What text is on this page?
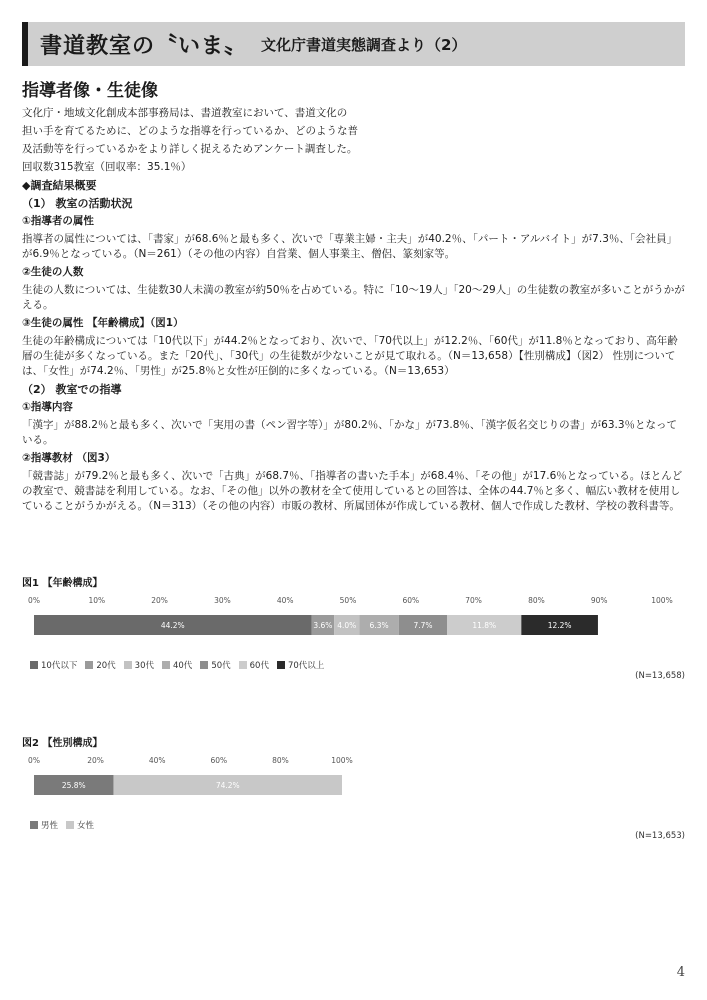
書道教室の〝いま〟 文化庁書道実態調査より（2）
指導者像・生徒像

文化庁・地域文化創成本部事務局は、書道教室において、書道文化の

担い手を育てるために、どのような指導を行っているか、どのような普

及活動等を行っているかをより詳しく捉えるためアンケート調査した。

回収数315教室（回収率：35.1％）

◆調査結果概要

（1） 教室の活動状況

①指導者の属性

指導者の属性については、「書家」が68.6％と最も多く、次いで「専業主婦・主夫」が40.2％、「パート・アルバイト」が7.3％、「会社員」が6.9％となっている。（N＝261）（その他の内容）自営業、個人事業主、僧侶、篆刻家等。

②生徒の人数

生徒の人数については、生徒数30人未満の教室が約50％を占めている。特に「10～19人」「20～29人」の生徒数の教室が多いことがうかがえる。

③生徒の属性 【年齢構成】（図1）

生徒の年齢構成については「10代以下」が44.2％となっており、次いで、「70代以上」が12.2％、「60代」が11.8％となっており、高年齢層の生徒が多くなっている。また「20代」、「30代」の生徒数が少ないことが見て取れる。（N＝13,658）【性別構成】（図2） 性別については、「女性」が74.2％、「男性」が25.8％と女性が圧倒的に多くなっている。（N＝13,653）

（2） 教室での指導

①指導内容

「漢字」が88.2％と最も多く、次いで「実用の書（ペン習字等）」が80.2％、「かな」が73.8％、「漢字仮名交じりの書」が63.3％となっている。

②指導教材 （図3）

「競書誌」が79.2％と最も多く、次いで「古典」が68.7％、「指導者の書いた手本」が68.4％、「その他」が17.6％となっている。ほとんどの教室で、競書誌を利用している。なお、「その他」以外の教材を全て使用しているとの回答は、全体の44.7％と多く、幅広い教材を使用していることがうかがえる。（N＝313）（その他の内容）市販の教材、所属団体が作成している教材、個人で作成した教材、学校の教科書等。

図1 【年齢構成】
0%	10%	20%	30%	40%	50%	60%	70%	80%	90%	100%
44.2%	3.6% 4.0% 6.3%	7.7%	11.8%	12.2%
10代以下 20代 30代 40代 50代 60代 70代以上
(N=13,658)
図2 【性別構成】
0%	20%	40%	60%	80%	100%
25.8%	74.2%
男性 女性
(N=13,653)
4
